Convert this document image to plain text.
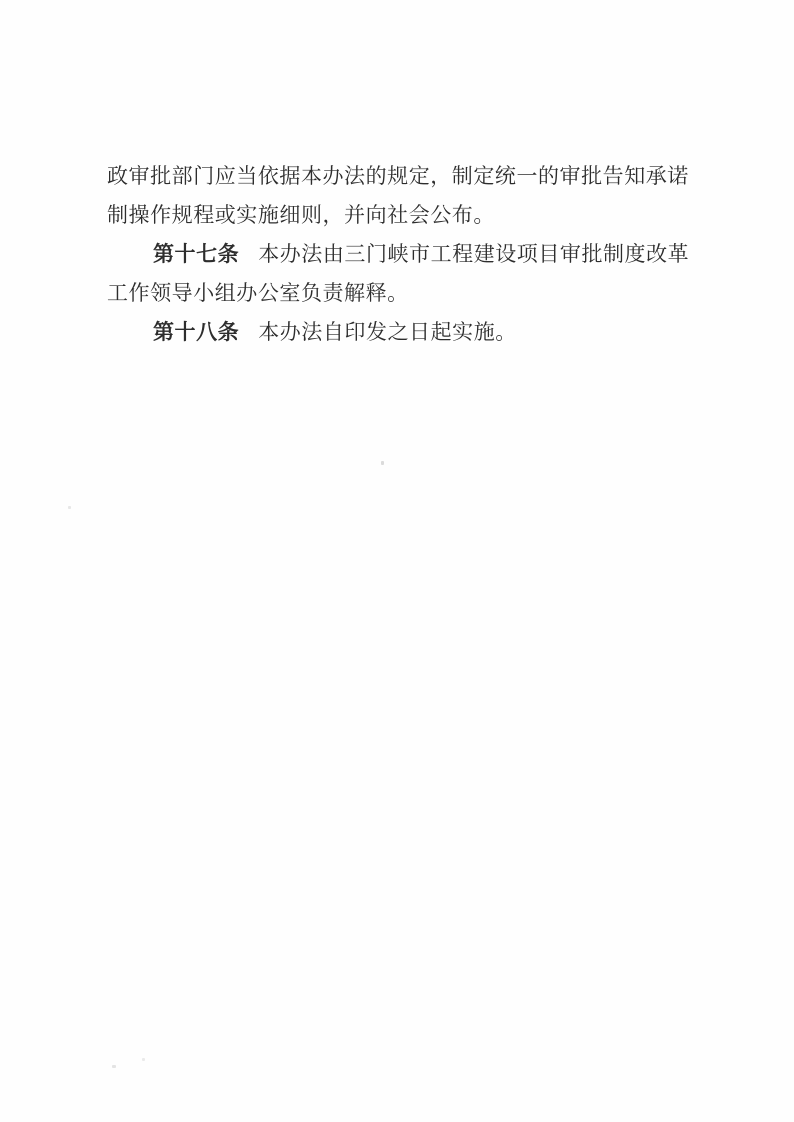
政审批部门应当依据本办法的规定，制定统一的审批告知承诺
制操作规程或实施细则，并向社会公布。
第十七条 本办法由三门峡市工程建设项目审批制度改革
工作领导小组办公室负责解释。
第十八条 本办法自印发之日起实施。
